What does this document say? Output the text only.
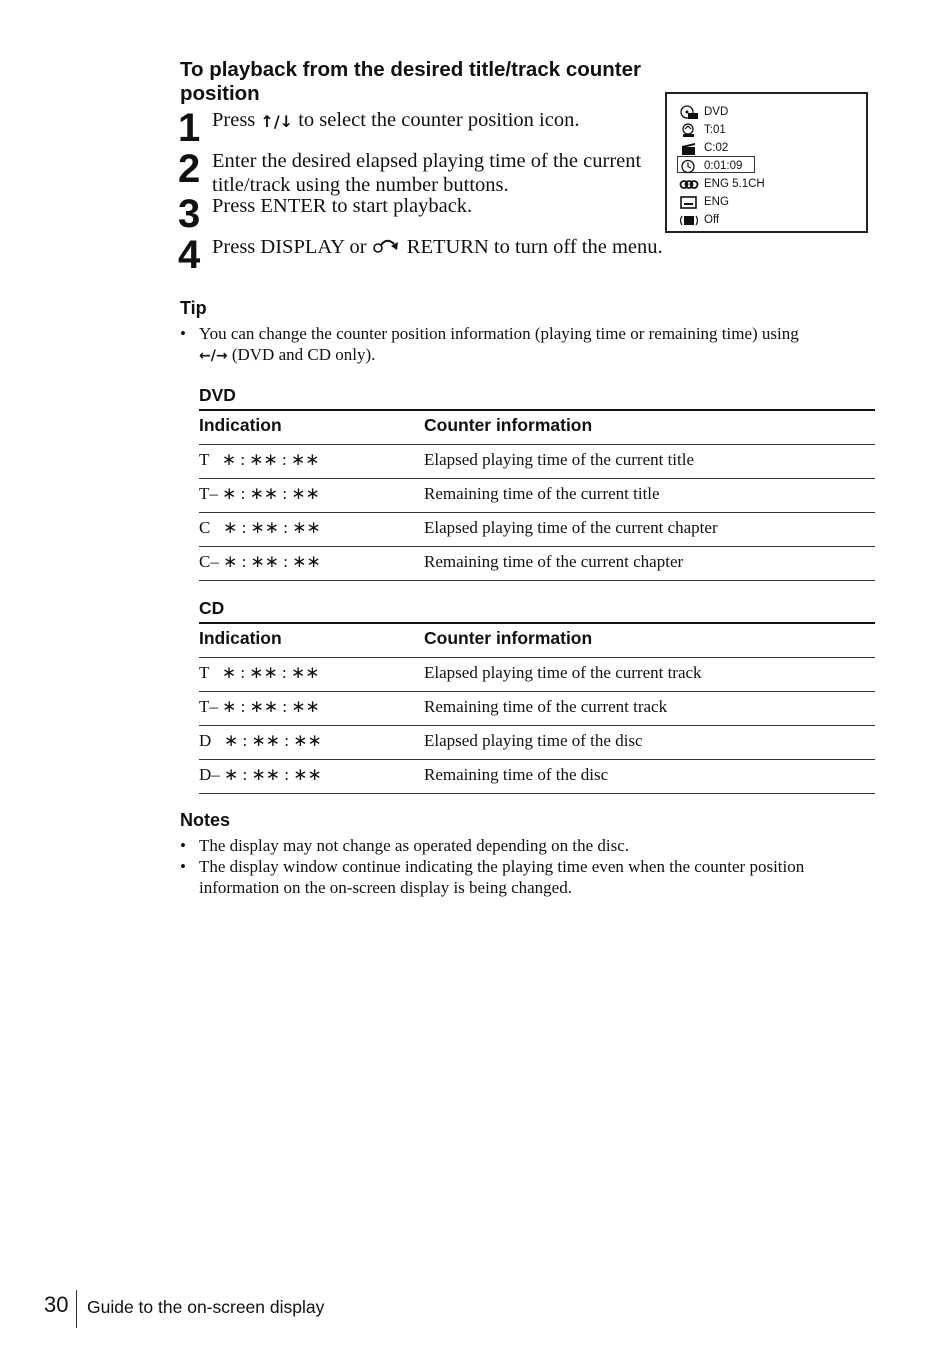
To playback from the desired title/track counter position
1 Press ↑/↓ to select the counter position icon.
2 Enter the desired elapsed playing time of the current
title/track using the number buttons.
3 Press ENTER to start playback.
4 Press DISPLAY or  RETURN to turn off the menu.
DVD
T:01
C:02
0:01:09
ENG 5.1CH
ENG
Off
Tip
• You can change the counter position information (playing time or remaining time) using
←/→ (DVD and CD only).
DVD
Indication	Counter information
T   ∗ : ∗∗ : ∗∗	Elapsed playing time of the current title
T– ∗ : ∗∗ : ∗∗	Remaining time of the current title
C   ∗ : ∗∗ : ∗∗	Elapsed playing time of the current chapter
C– ∗ : ∗∗ : ∗∗	Remaining time of the current chapter
CD
Indication	Counter information
T   ∗ : ∗∗ : ∗∗	Elapsed playing time of the current track
T– ∗ : ∗∗ : ∗∗	Remaining time of the current track
D   ∗ : ∗∗ : ∗∗	Elapsed playing time of the disc
D– ∗ : ∗∗ : ∗∗	Remaining time of the disc
Notes
• The display may not change as operated depending on the disc.
• The display window continue indicating the playing time even when the counter position
information on the on-screen display is being changed.
30 Guide to the on-screen display
